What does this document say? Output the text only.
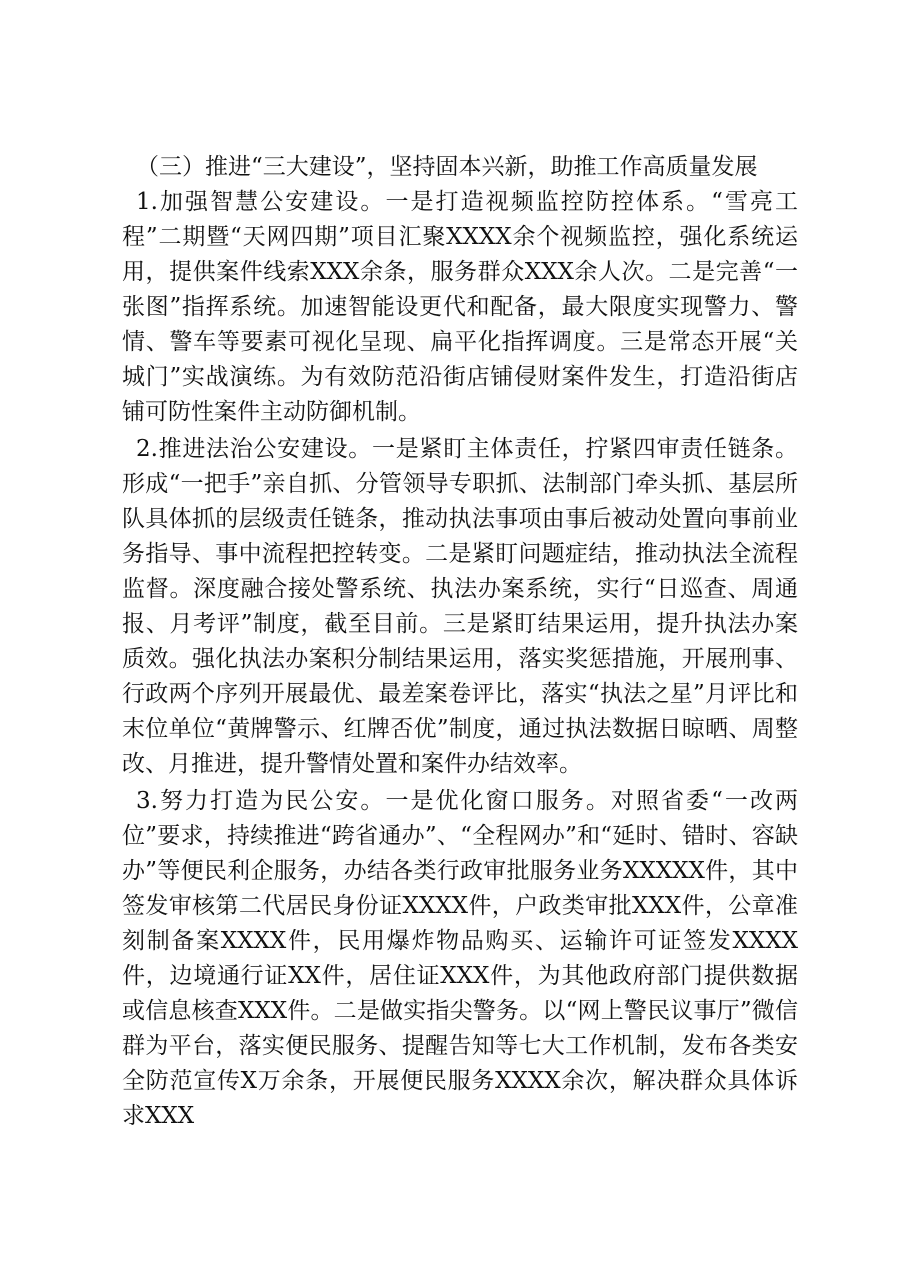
（三）推进“三大建设”，坚持固本兴新，助推工作高质量发展

1.加强智慧公安建设。一是打造视频监控防控体系。“雪亮工程”二期暨“天网四期”项目汇聚XXXX余个视频监控，强化系统运用，提供案件线索XXX余条，服务群众XXX余人次。二是完善“一张图”指挥系统。加速智能设更代和配备，最大限度实现警力、警情、警车等要素可视化呈现、扁平化指挥调度。三是常态开展“关城门”实战演练。为有效防范沿街店铺侵财案件发生，打造沿街店铺可防性案件主动防御机制。

2.推进法治公安建设。一是紧盯主体责任，拧紧四审责任链条。形成“一把手”亲自抓、分管领导专职抓、法制部门牵头抓、基层所队具体抓的层级责任链条，推动执法事项由事后被动处置向事前业务指导、事中流程把控转变。二是紧盯问题症结，推动执法全流程监督。深度融合接处警系统、执法办案系统，实行“日巡查、周通报、月考评”制度，截至目前。三是紧盯结果运用，提升执法办案质效。强化执法办案积分制结果运用，落实奖惩措施，开展刑事、行政两个序列开展最优、最差案卷评比，落实“执法之星”月评比和末位单位“黄牌警示、红牌否优”制度，通过执法数据日晾晒、周整改、月推进，提升警情处置和案件办结效率。

3.努力打造为民公安。一是优化窗口服务。对照省委“一改两位”要求，持续推进“跨省通办”、“全程网办”和“延时、错时、容缺办”等便民利企服务，办结各类行政审批服务业务XXXXX件，其中签发审核第二代居民身份证XXXX件，户政类审批XXX件，公章准刻制备案XXXX件，民用爆炸物品购买、运输许可证签发XXXX件，边境通行证XX件，居住证XXX件，为其他政府部门提供数据或信息核查XXX件。二是做实指尖警务。以“网上警民议事厅”微信群为平台，落实便民服务、提醒告知等七大工作机制，发布各类安全防范宣传X万余条，开展便民服务XXXX余次，解决群众具体诉求XXX
